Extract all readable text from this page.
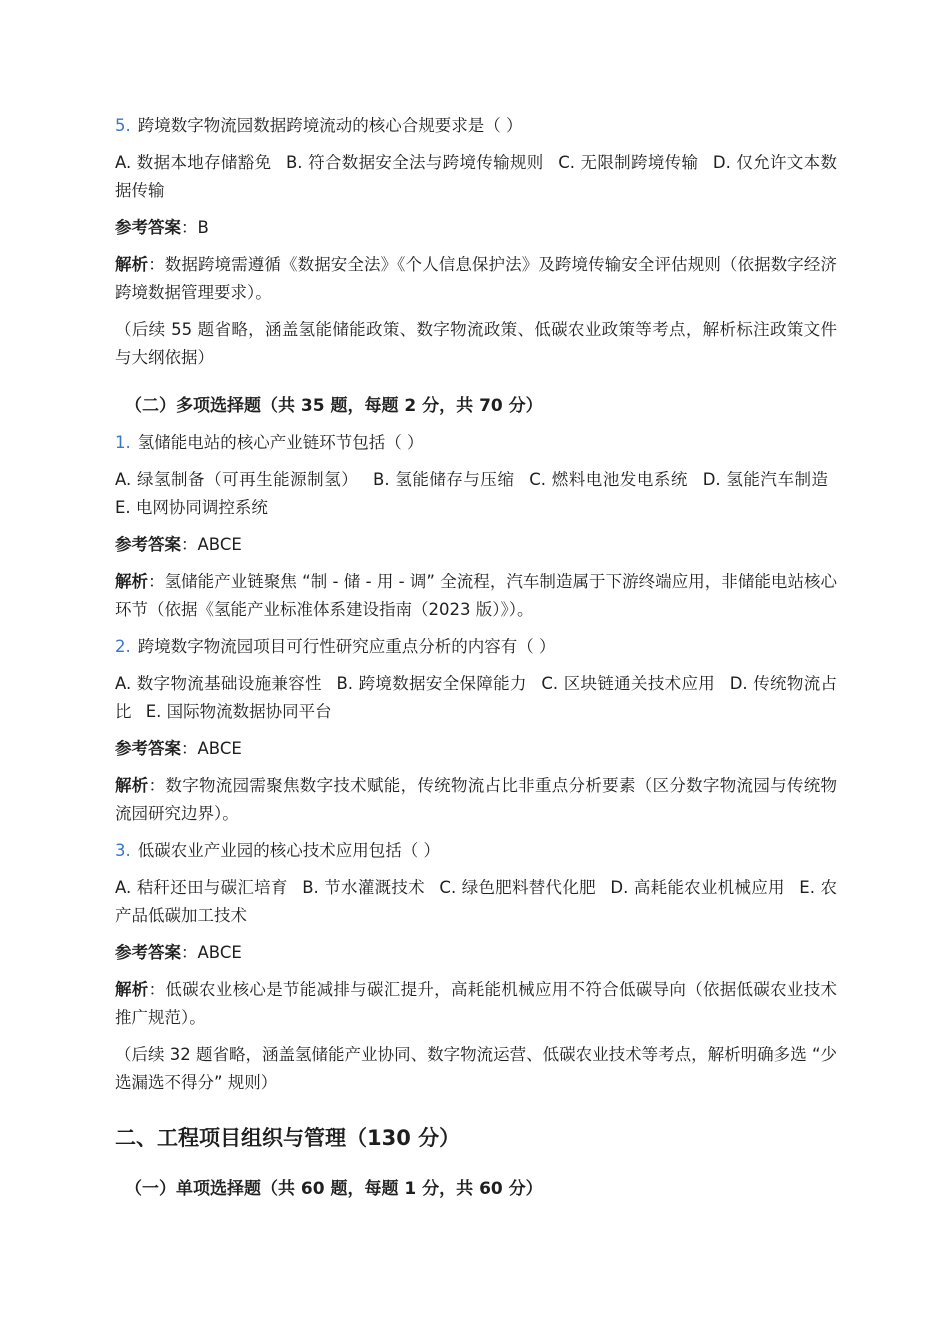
5. 跨境数字物流园数据跨境流动的核心合规要求是（ ）

A. 数据本地存储豁免 B. 符合数据安全法与跨境传输规则 C. 无限制跨境传输 D. 仅允许文本数据传输

参考答案：B

解析：数据跨境需遵循《数据安全法》《个人信息保护法》及跨境传输安全评估规则（依据数字经济跨境数据管理要求）。

（后续 55 题省略，涵盖氢能储能政策、数字物流政策、低碳农业政策等考点，解析标注政策文件与大纲依据）

（二）多项选择题（共 35 题，每题 2 分，共 70 分）

1. 氢储能电站的核心产业链环节包括（ ）

A. 绿氢制备（可再生能源制氢） B. 氢能储存与压缩 C. 燃料电池发电系统 D. 氢能汽车制造 E. 电网协同调控系统

参考答案：ABCE

解析：氢储能产业链聚焦 “制 - 储 - 用 - 调” 全流程，汽车制造属于下游终端应用，非储能电站核心环节（依据《氢能产业标准体系建设指南（2023 版）》）。

2. 跨境数字物流园项目可行性研究应重点分析的内容有（ ）

A. 数字物流基础设施兼容性 B. 跨境数据安全保障能力 C. 区块链通关技术应用 D. 传统物流占比 E. 国际物流数据协同平台

参考答案：ABCE

解析：数字物流园需聚焦数字技术赋能，传统物流占比非重点分析要素（区分数字物流园与传统物流园研究边界）。

3. 低碳农业产业园的核心技术应用包括（ ）

A. 秸秆还田与碳汇培育 B. 节水灌溉技术 C. 绿色肥料替代化肥 D. 高耗能农业机械应用 E. 农产品低碳加工技术

参考答案：ABCE

解析：低碳农业核心是节能减排与碳汇提升，高耗能机械应用不符合低碳导向（依据低碳农业技术推广规范）。

（后续 32 题省略，涵盖氢储能产业协同、数字物流运营、低碳农业技术等考点，解析明确多选 “少选漏选不得分” 规则）

二、工程项目组织与管理（130 分）

（一）单项选择题（共 60 题，每题 1 分，共 60 分）
